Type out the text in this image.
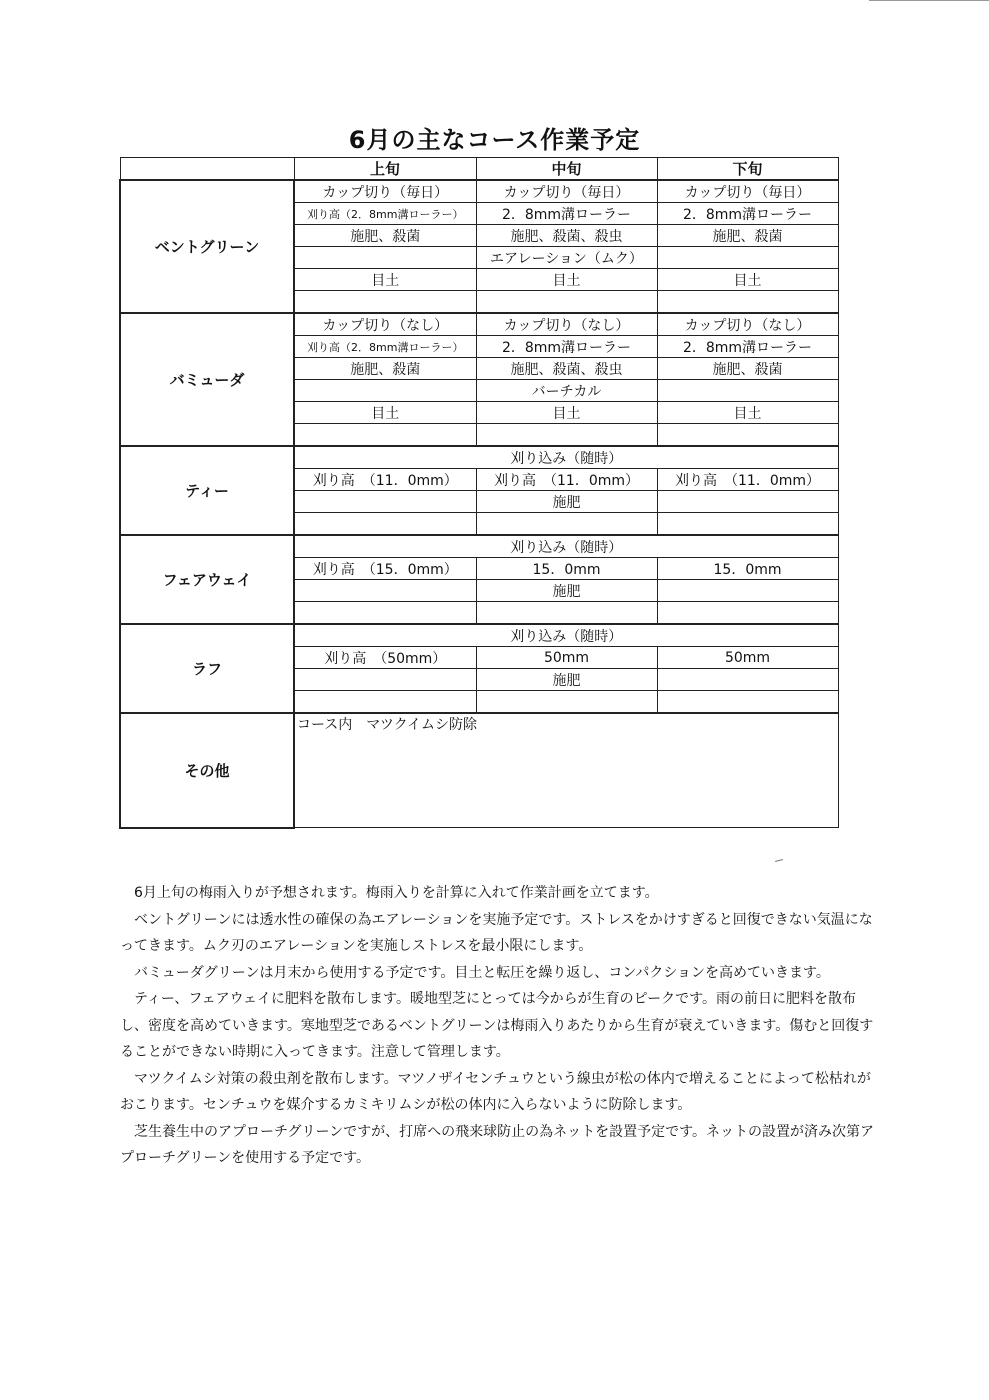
6月の主なコース作業予定
	上旬	中旬	下旬
ベントグリーン	カップ切り（毎日）	カップ切り（毎日）	カップ切り（毎日）
	刈り高（2．8mm溝ローラー）	2．8mm溝ローラー	2．8mm溝ローラー
	施肥、殺菌	施肥、殺菌、殺虫	施肥、殺菌
		エアレーション（ムク）	
	目土	目土	目土

バミューダ	カップ切り（なし）	カップ切り（なし）	カップ切り（なし）
	刈り高（2．8mm溝ローラー）	2．8mm溝ローラー	2．8mm溝ローラー
	施肥、殺菌	施肥、殺菌、殺虫	施肥、殺菌
		バーチカル	
	目土	目土	目土

ティー	刈り込み（随時）		
	刈り高　（11．0mm）	刈り高　（11．0mm）	刈り高　（11．0mm）
		施肥	

フェアウェイ	刈り込み（随時）		
	刈り高　（15．0mm）	15．0mm	15．0mm
		施肥	

ラフ	刈り込み（随時）		
	刈り高　（50mm）	50mm	50mm
		施肥	

その他	コース内　マツクイムシ防除		

　6月上旬の梅雨入りが予想されます。梅雨入りを計算に入れて作業計画を立てます。

　ベントグリーンには透水性の確保の為エアレーションを実施予定です。ストレスをかけすぎると回復できない気温になってきます。ムク刃のエアレーションを実施しストレスを最小限にします。

　バミューダグリーンは月末から使用する予定です。目土と転圧を繰り返し、コンパクションを高めていきます。

　ティー、フェアウェイに肥料を散布します。暖地型芝にとっては今からが生育のピークです。雨の前日に肥料を散布し、密度を高めていきます。寒地型芝であるベントグリーンは梅雨入りあたりから生育が衰えていきます。傷むと回復することができない時期に入ってきます。注意して管理します。

　マツクイムシ対策の殺虫剤を散布します。マツノザイセンチュウという線虫が松の体内で増えることによって松枯れがおこります。センチュウを媒介するカミキリムシが松の体内に入らないように防除します。

　芝生養生中のアプローチグリーンですが、打席への飛来球防止の為ネットを設置予定です。ネットの設置が済み次第アプローチグリーンを使用する予定です。
